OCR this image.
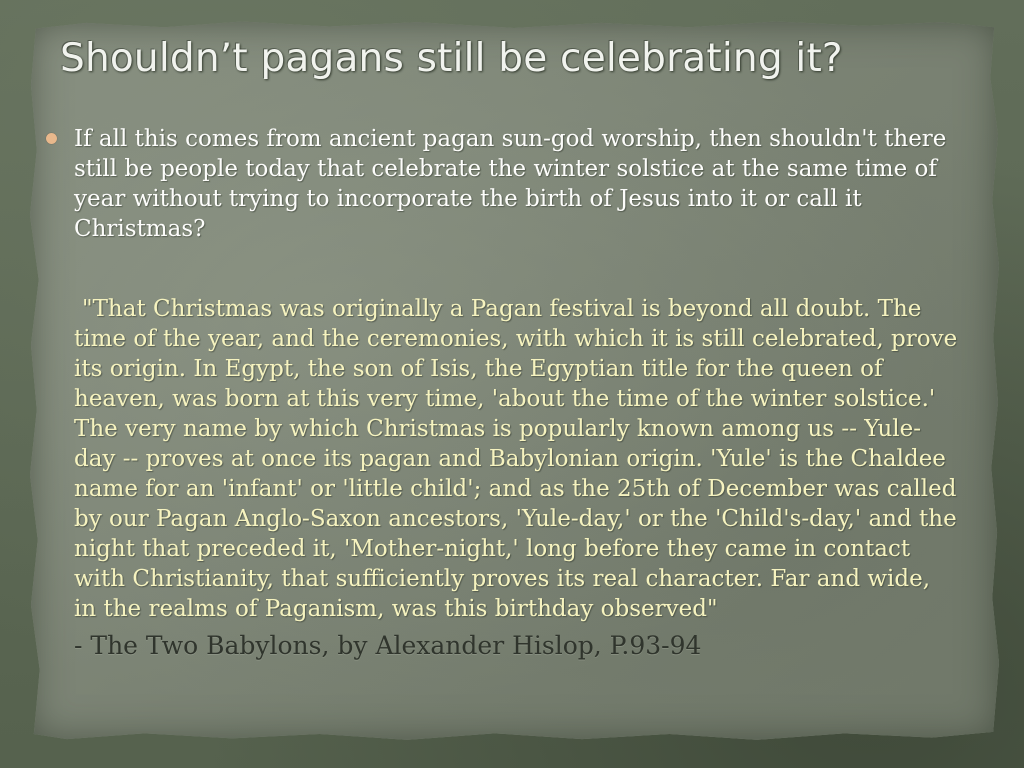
Shouldn’t pagans still be celebrating it?

If all this comes from ancient pagan sun-god worship, then shouldn't there still be people today that celebrate the winter solstice at the same time of year without trying to incorporate the birth of Jesus into it or call it Christmas?

"That Christmas was originally a Pagan festival is beyond all doubt. The time of the year, and the ceremonies, with which it is still celebrated, prove its origin. In Egypt, the son of Isis, the Egyptian title for the queen of heaven, was born at this very time, 'about the time of the winter solstice.' The very name by which Christmas is popularly known among us -- Yule-day -- proves at once its pagan and Babylonian origin. 'Yule' is the Chaldee name for an 'infant' or 'little child'; and as the 25th of December was called by our Pagan Anglo-Saxon ancestors, 'Yule-day,' or the 'Child's-day,' and the night that preceded it, 'Mother-night,' long before they came in contact with Christianity, that sufficiently proves its real character. Far and wide, in the realms of Paganism, was this birthday observed"

- The Two Babylons, by Alexander Hislop, P.93-94
